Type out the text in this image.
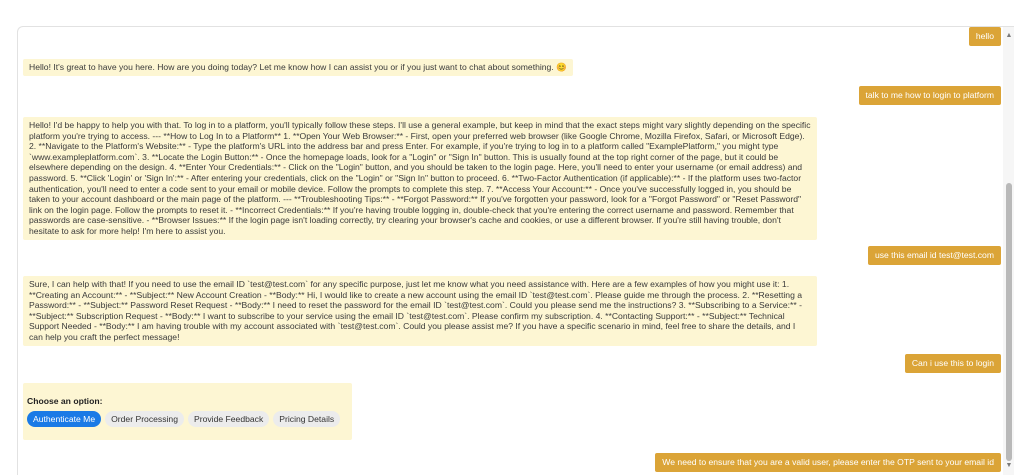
hello
Hello! It's great to have you here. How are you doing today? Let me know how I can assist you or if you just want to chat about something. 😊
talk to me how to login to platform
Hello! I'd be happy to help you with that. To log in to a platform, you'll typically follow these steps. I'll use a general example, but keep in mind that the exact steps might vary slightly depending on the specific platform you're trying to access. --- **How to Log In to a Platform** 1. **Open Your Web Browser:** - First, open your preferred web browser (like Google Chrome, Mozilla Firefox, Safari, or Microsoft Edge). 2. **Navigate to the Platform's Website:** - Type the platform's URL into the address bar and press Enter. For example, if you're trying to log in to a platform called "ExamplePlatform," you might type `www.exampleplatform.com`. 3. **Locate the Login Button:** - Once the homepage loads, look for a "Login" or "Sign In" button. This is usually found at the top right corner of the page, but it could be elsewhere depending on the design. 4. **Enter Your Credentials:** - Click on the "Login" button, and you should be taken to the login page. Here, you'll need to enter your username (or email address) and password. 5. **Click 'Login' or 'Sign In':** - After entering your credentials, click on the "Login" or "Sign In" button to proceed. 6. **Two-Factor Authentication (if applicable):** - If the platform uses two-factor authentication, you'll need to enter a code sent to your email or mobile device. Follow the prompts to complete this step. 7. **Access Your Account:** - Once you've successfully logged in, you should be taken to your account dashboard or the main page of the platform. --- **Troubleshooting Tips:** - **Forgot Password:** If you've forgotten your password, look for a "Forgot Password" or "Reset Password" link on the login page. Follow the prompts to reset it. - **Incorrect Credentials:** If you're having trouble logging in, double-check that you're entering the correct username and password. Remember that passwords are case-sensitive. - **Browser Issues:** If the login page isn't loading correctly, try clearing your browser's cache and cookies, or use a different browser. If you're still having trouble, don't hesitate to ask for more help! I'm here to assist you.
use this email id test@test.com
Sure, I can help with that! If you need to use the email ID `test@test.com` for any specific purpose, just let me know what you need assistance with. Here are a few examples of how you might use it: 1. **Creating an Account:** - **Subject:** New Account Creation - **Body:** Hi, I would like to create a new account using the email ID `test@test.com`. Please guide me through the process. 2. **Resetting a Password:** - **Subject:** Password Reset Request - **Body:** I need to reset the password for the email ID `test@test.com`. Could you please send me the instructions? 3. **Subscribing to a Service:** - **Subject:** Subscription Request - **Body:** I want to subscribe to your service using the email ID `test@test.com`. Please confirm my subscription. 4. **Contacting Support:** - **Subject:** Technical Support Needed - **Body:** I am having trouble with my account associated with `test@test.com`. Could you please assist me? If you have a specific scenario in mind, feel free to share the details, and I can help you craft the perfect message!
Can i use this to login
Choose an option:
Authenticate Me	Order Processing	Provide Feedback	Pricing Details
We need to ensure that you are a valid user, please enter the OTP sent to your email id
▲
▼
